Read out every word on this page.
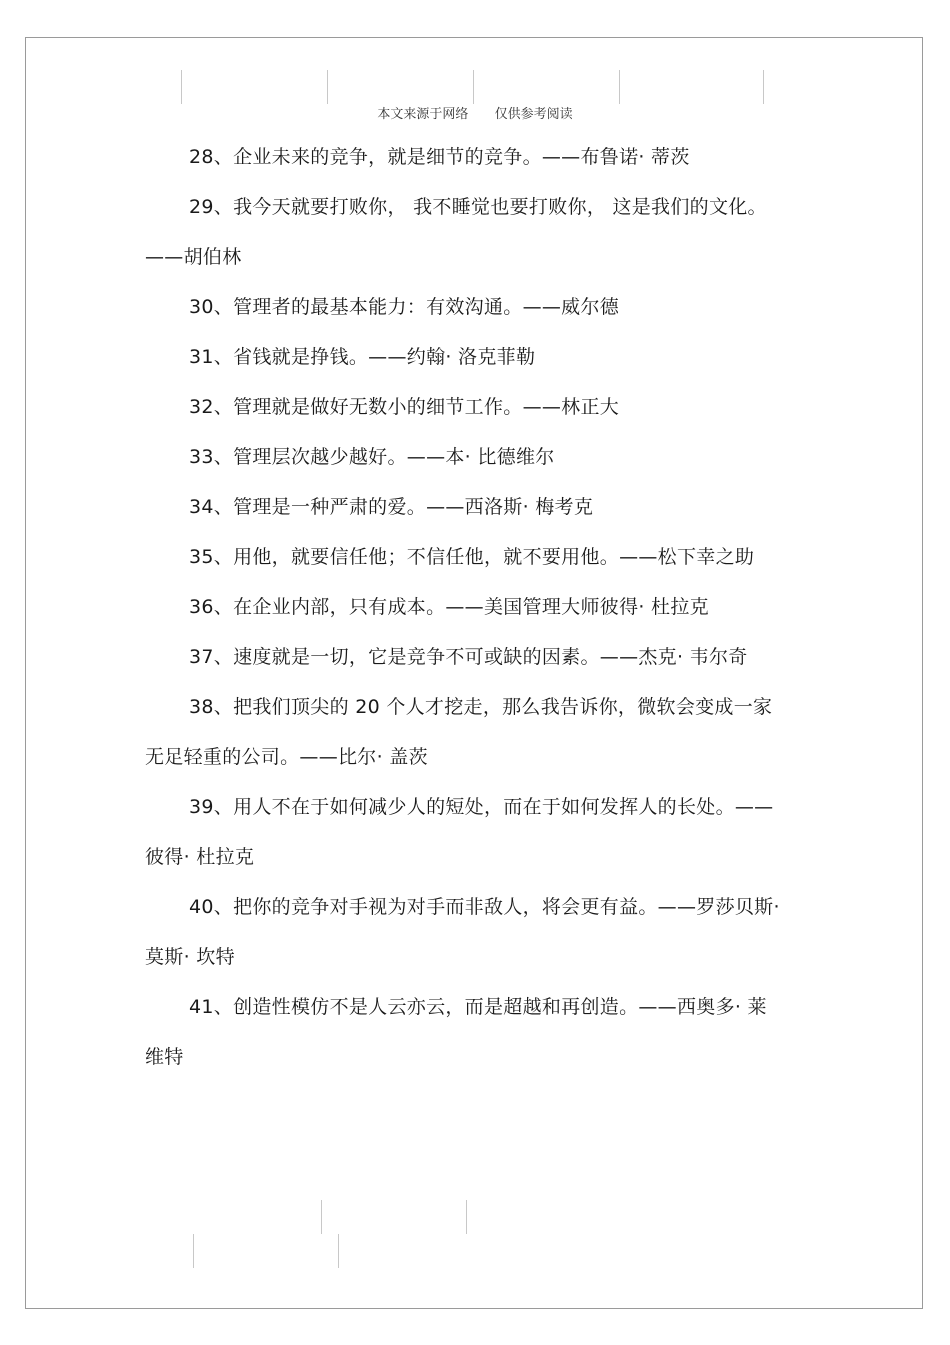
本文来源于网络 仅供参考阅读

28、企业未来的竞争，就是细节的竞争。——布鲁诺· 蒂茨

29、我今天就要打败你， 我不睡觉也要打败你， 这是我们的文化。——胡伯林

30、管理者的最基本能力：有效沟通。——威尔德

31、省钱就是挣钱。——约翰· 洛克菲勒

32、管理就是做好无数小的细节工作。——林正大

33、管理层次越少越好。——本· 比德维尔

34、管理是一种严肃的爱。——西洛斯· 梅考克

35、用他，就要信任他；不信任他，就不要用他。——松下幸之助

36、在企业内部，只有成本。——美国管理大师彼得· 杜拉克

37、速度就是一切，它是竞争不可或缺的因素。——杰克· 韦尔奇

38、把我们顶尖的 20 个人才挖走，那么我告诉你，微软会变成一家无足轻重的公司。——比尔· 盖茨

39、用人不在于如何减少人的短处，而在于如何发挥人的长处。——彼得· 杜拉克

40、把你的竞争对手视为对手而非敌人，将会更有益。——罗莎贝斯· 莫斯· 坎特

41、创造性模仿不是人云亦云，而是超越和再创造。——西奥多· 莱维特
